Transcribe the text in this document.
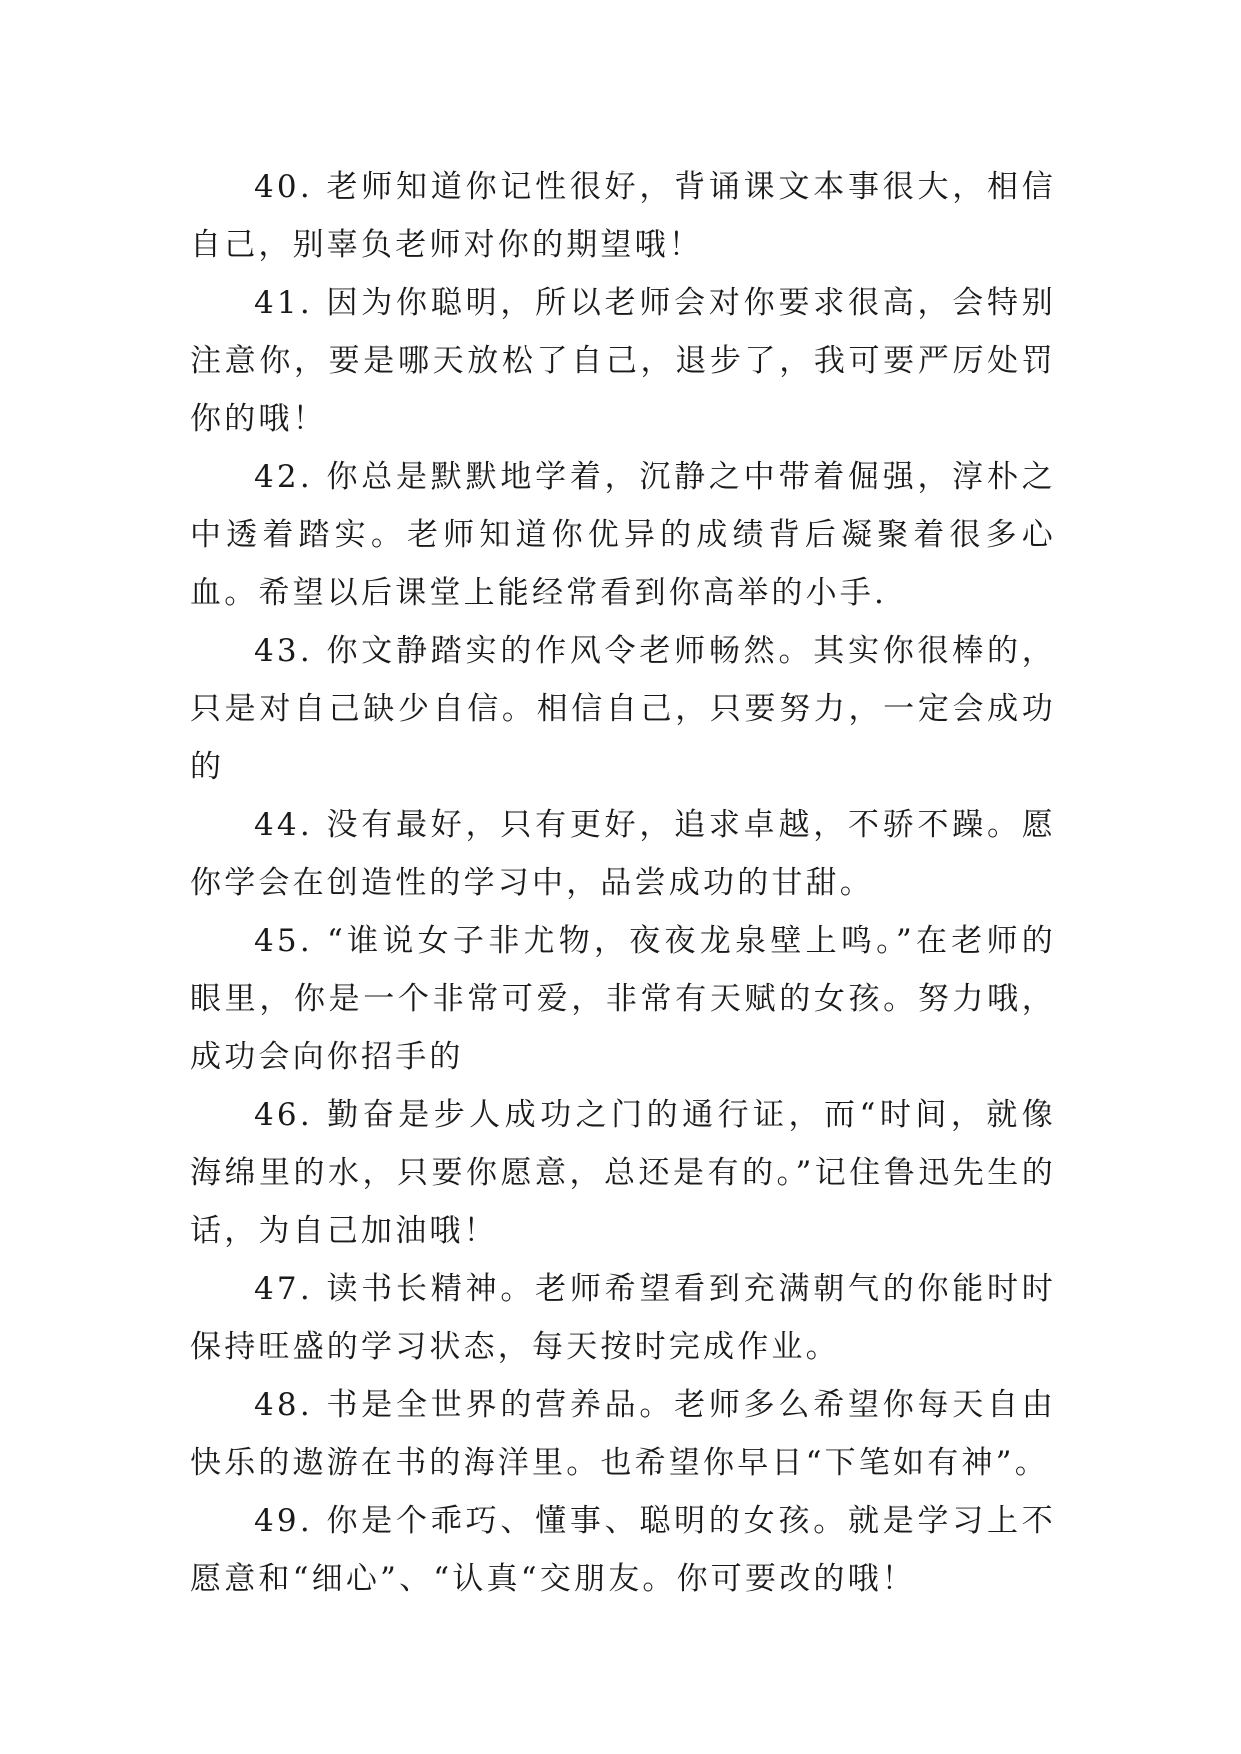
40. 老师知道你记性很好，背诵课文本事很大，相信自己，别辜负老师对你的期望哦！

41. 因为你聪明，所以老师会对你要求很高，会特别注意你，要是哪天放松了自己，退步了，我可要严厉处罚你的哦！

42. 你总是默默地学着，沉静之中带着倔强，淳朴之中透着踏实。老师知道你优异的成绩背后凝聚着很多心血。希望以后课堂上能经常看到你高举的小手.

43. 你文静踏实的作风令老师畅然。其实你很棒的，只是对自己缺少自信。相信自己，只要努力，一定会成功的

44. 没有最好，只有更好，追求卓越，不骄不躁。愿你学会在创造性的学习中，品尝成功的甘甜。

45. “谁说女子非尤物，夜夜龙泉壁上鸣。”在老师的眼里，你是一个非常可爱，非常有天赋的女孩。努力哦，成功会向你招手的

46. 勤奋是步人成功之门的通行证，而“时间，就像海绵里的水，只要你愿意，总还是有的。”记住鲁迅先生的话，为自己加油哦！

47. 读书长精神。老师希望看到充满朝气的你能时时保持旺盛的学习状态，每天按时完成作业。

48. 书是全世界的营养品。老师多么希望你每天自由快乐的遨游在书的海洋里。也希望你早日“下笔如有神”。

49. 你是个乖巧、懂事、聪明的女孩。就是学习上不愿意和“细心”、“认真“交朋友。你可要改的哦！
